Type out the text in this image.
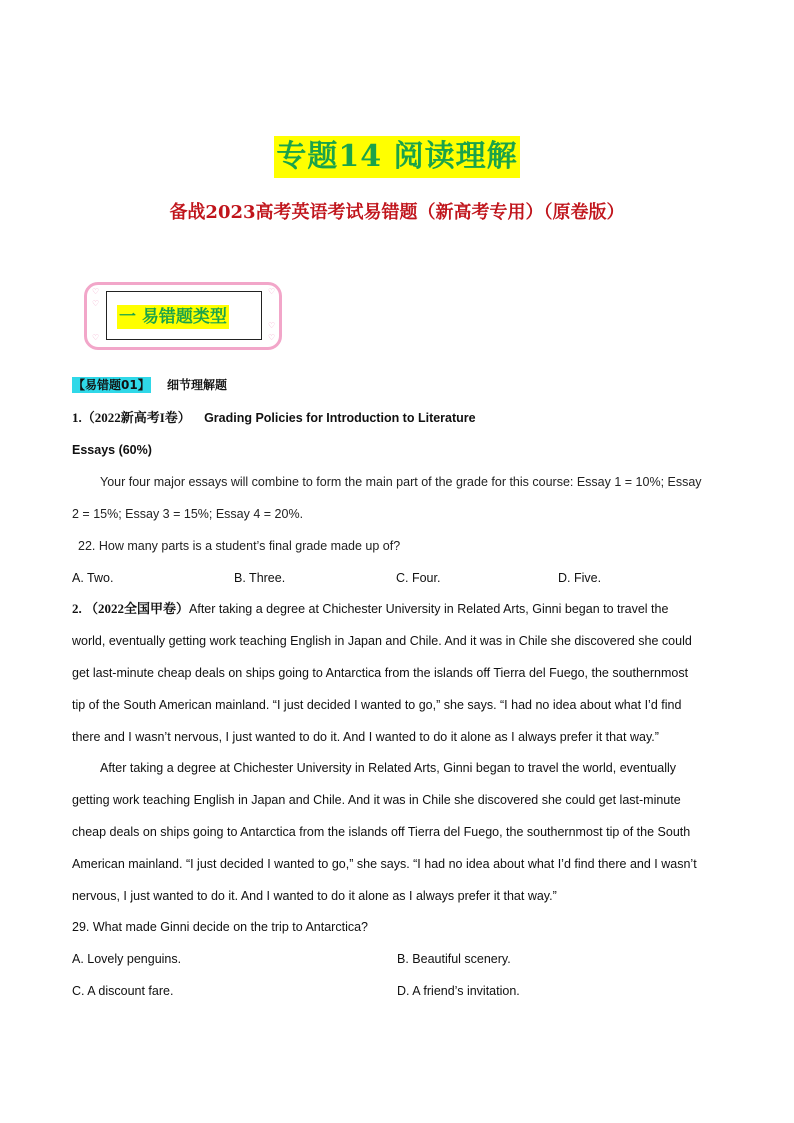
专题14 阅读理解
备战2023高考英语考试易错题（新高考专用）（原卷版）
♡
♡
♡
♡
♡
♡
一 易错题类型
【易错题01】 细节理解题
1.（2022新高考I卷） Grading Policies for Introduction to Literature
Essays (60%)
Your four major essays will combine to form the main part of the grade for this course: Essay 1 = 10%; Essay
2 = 15%; Essay 3 = 15%; Essay 4 = 20%.
22. How many parts is a student’s final grade made up of?
A. Two.	B. Three.	C. Four.	D. Five.
2. （2022全国甲卷）After taking a degree at Chichester University in Related Arts, Ginni began to travel the
world, eventually getting work teaching English in Japan and Chile. And it was in Chile she discovered she could
get last-minute cheap deals on ships going to Antarctica from the islands off Tierra del Fuego, the southernmost
tip of the South American mainland. “I just decided I wanted to go,” she says. “I had no idea about what I’d find
there and I wasn’t nervous, I just wanted to do it. And I wanted to do it alone as I always prefer it that way.”
After taking a degree at Chichester University in Related Arts, Ginni began to travel the world, eventually
getting work teaching English in Japan and Chile. And it was in Chile she discovered she could get last-minute
cheap deals on ships going to Antarctica from the islands off Tierra del Fuego, the southernmost tip of the South
American mainland. “I just decided I wanted to go,” she says. “I had no idea about what I’d find there and I wasn’t
nervous, I just wanted to do it. And I wanted to do it alone as I always prefer it that way.”
29. What made Ginni decide on the trip to Antarctica?
A. Lovely penguins.	B. Beautiful scenery.
C. A discount fare.	D. A friend’s invitation.
